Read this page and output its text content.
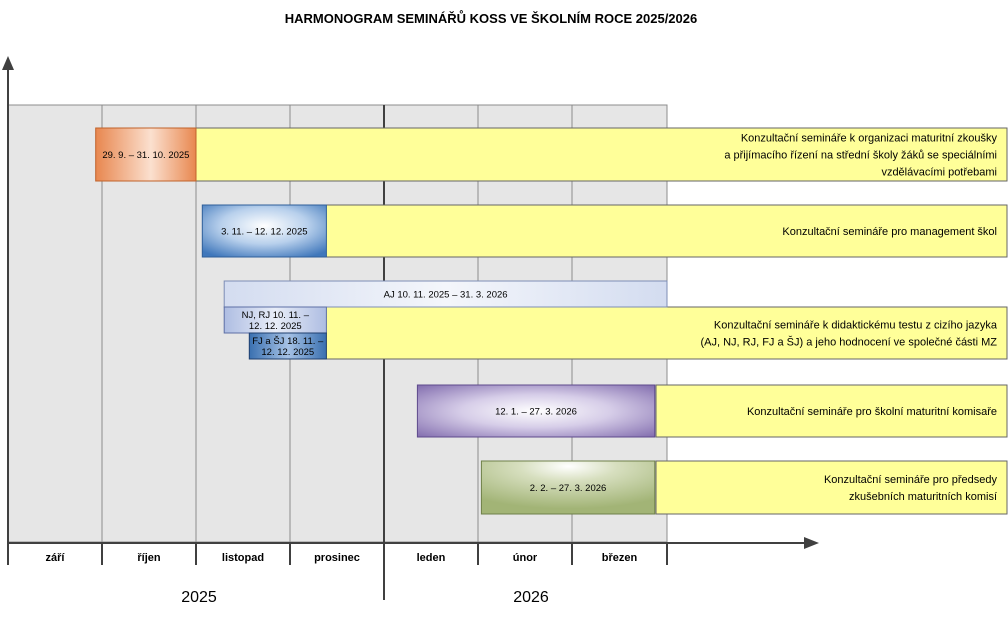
Konzultační semináře k organizaci maturitní zkoušky
a přijímacího řízení na střední školy žáků se speciálními
vzdělávacími potřebami
Konzultační semináře pro management škol
Konzultační semináře k didaktickému testu z cizího jazyka
(AJ, NJ, RJ, FJ a ŠJ) a jeho hodnocení ve společné části MZ
Konzultační semináře pro školní maturitní komisaře
Konzultační semináře pro předsedy
zkušebních maturitních komisí
29. 9. – 31. 10. 2025
3. 11. – 12. 12. 2025
AJ 10. 11. 2025 – 31. 3. 2026
NJ, RJ 10. 11. –
12. 12. 2025
FJ a ŠJ 18. 11. –
12. 12. 2025
12. 1. – 27. 3. 2026
2. 2. – 27. 3. 2026
září	říjen	listopad	prosinec	leden	únor	březen
2025	2026
HARMONOGRAM SEMINÁŘŮ KOSS VE ŠKOLNÍM ROCE 2025/2026
